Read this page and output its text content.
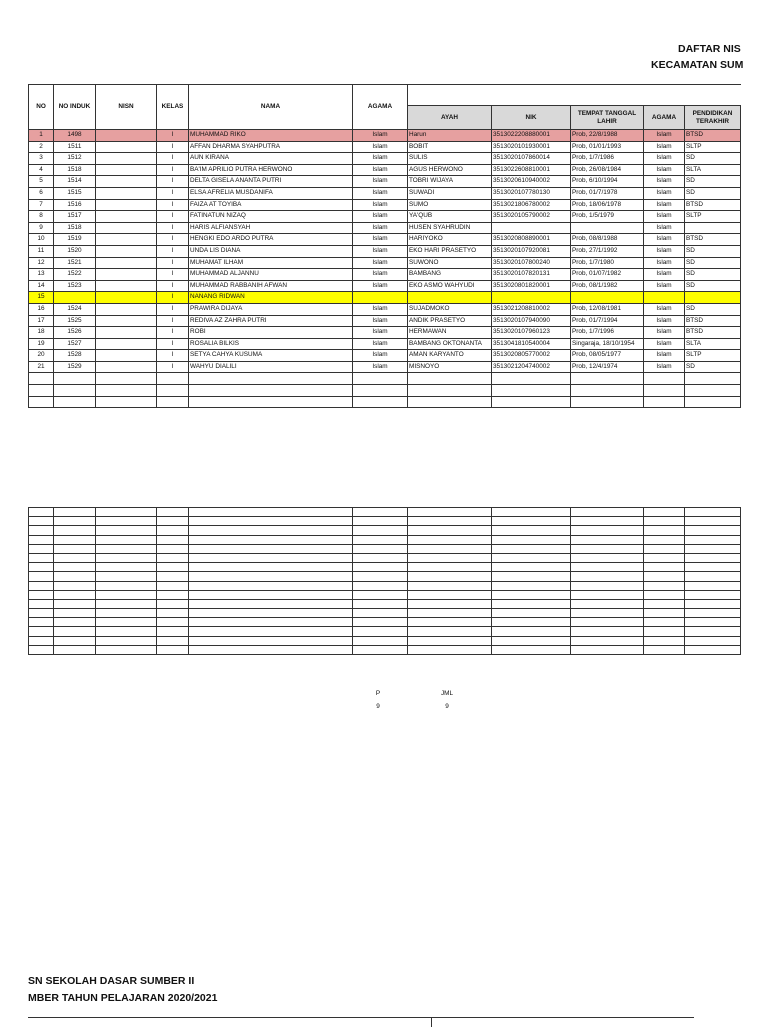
DAFTAR NIS
KECAMATAN SUM
NO	NO INDUK	NISN	KELAS	NAMA	AGAMA					
						AYAH	NIK	TEMPAT TANGGAL LAHIR	AGAMA	PENDIDIKAN TERAKHIR
1	1498		I	MUHAMMAD RIKO	Islam	Harun	3513022208880001	Prob, 22/8/1988	Islam	BTSD
2	1511		I	AFFAN DHARMA SYAHPUTRA	Islam	BOBIT	3513020101930001	Prob, 01/01/1993	Islam	SLTP
3	1512		I	AUN KIRANA	Islam	SULIS	3513020107860014	Prob, 1/7/1986	Islam	SD
4	1518		I	BA'IM APRILIO PUTRA HERWONO	Islam	AGUS HERWONO	3513022608810001	Prob, 26/08/1984	Islam	SLTA
5	1514		I	DELTA GISELA ANANTA PUTRI	Islam	TOBRI WIJAYA	3513020610940002	Prob, 6/10/1994	Islam	SD
6	1515		I	ELSA AFRELIA MUSDANIFA	Islam	SUWADI	3513020107780130	Prob, 01/7/1978	Islam	SD
7	1516		I	FAIZA AT TOYIBA	Islam	SUMO	3513021806780002	Prob, 18/06/1978	Islam	BTSD
8	1517		I	FATINATUN NIZAQ	Islam	YA'QUB	3513020105790002	Prob, 1/5/1979	Islam	SLTP
9	1518		I	HARIS ALFIANSYAH	Islam	HUSEN SYAHRUDIN			Islam	
10	1519		I	HENGKI EDO ARDO PUTRA	Islam	HARIYOKO	3513020808890001	Prob, 08/8/1988	Islam	BTSD
11	1520		I	UNDA LIS DIANA	Islam	EKO HARI PRASETYO	3513020107920081	Prob, 27/1/1992	Islam	SD
12	1521		I	MUHAMAT ILHAM	Islam	SUWONO	3513020107800240	Prob, 1/7/1980	Islam	SD
13	1522		I	MUHAMMAD ALJANNU	Islam	BAMBANG	3513020107820131	Prob, 01/07/1982	Islam	SD
14	1523		I	MUHAMMAD RABBANIH AFWAN	Islam	EKO ASMO WAHYUDI	3513020801820001	Prob, 08/1/1982	Islam	SD
15			I	NANANG RIDWAN						
16	1524		I	PRAWIRA DIJAYA	Islam	SUJADMOKO	3513021208810002	Prob, 12/08/1981	Islam	SD
17	1525		I	REDIVA AZ ZAHRA PUTRI	Islam	ANDIK PRASETYO	3513020107940090	Prob, 01/7/1994	Islam	BTSD
18	1526		I	ROBI	Islam	HERMAWAN	3513020107960123	Prob, 1/7/1996	Islam	BTSD
19	1527		I	ROSALIA BILKIS	Islam	BAMBANG OKTONANTA	3513041810540004	Singaraja, 18/10/1954	Islam	SLTA
20	1528		I	SETYA CAHYA KUSUMA	Islam	AMAN KARYANTO	3513020805770002	Prob, 08/05/1977	Islam	SLTP
21	1529		I	WAHYU DIALILI	Islam	MISNOYO	3513021204740002	Prob, 12/4/1974	Islam	SD

P
9
JML
9
SN SEKOLAH DASAR SUMBER II
MBER TAHUN PELAJARAN 2020/2021
